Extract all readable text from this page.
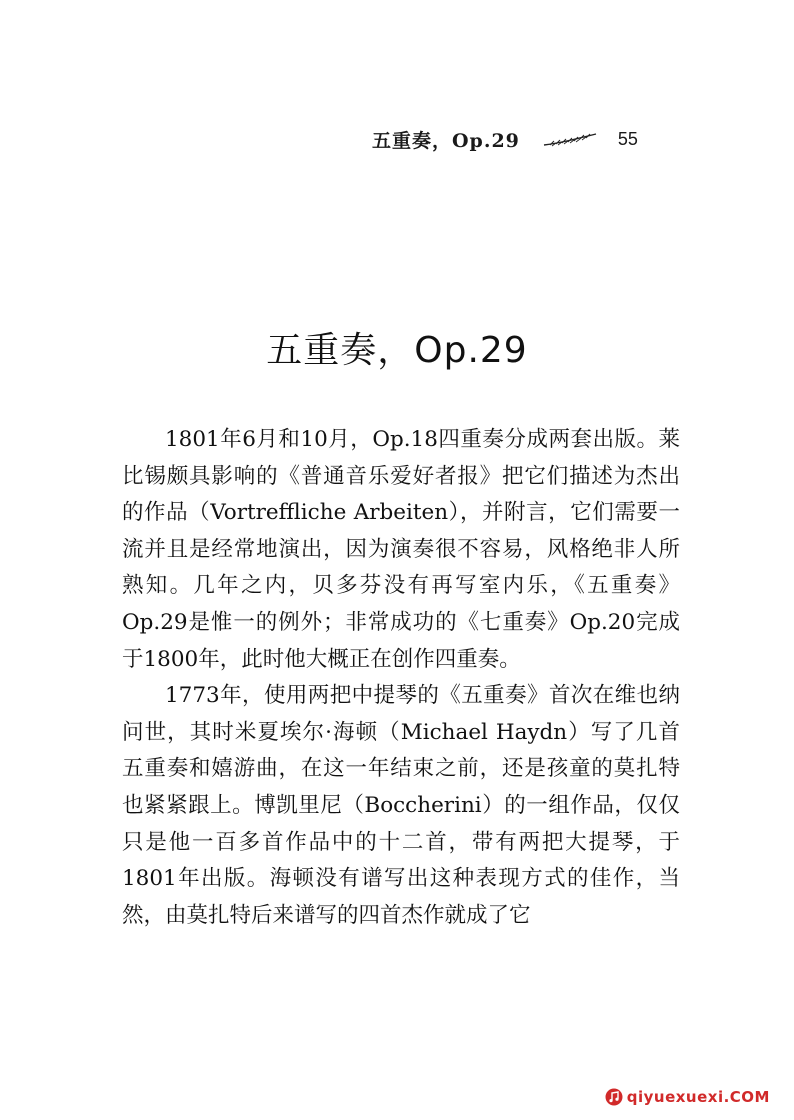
五重奏，Op.29	55
五重奏，Op.29

1801年6月和10月，Op.18四重奏分成两套出版。莱比锡颇具影响的《普通音乐爱好者报》把它们描述为杰出的作品（Vortreffliche Arbeiten），并附言，它们需要一流并且是经常地演出，因为演奏很不容易，风格绝非人所熟知。几年之内，贝多芬没有再写室内乐，《五重奏》Op.29是惟一的例外；非常成功的《七重奏》Op.20完成于1800年，此时他大概正在创作四重奏。

1773年，使用两把中提琴的《五重奏》首次在维也纳问世，其时米夏埃尔·海顿（Michael Haydn）写了几首五重奏和嬉游曲，在这一年结束之前，还是孩童的莫扎特也紧紧跟上。博凯里尼（Boccherini）的一组作品，仅仅只是他一百多首作品中的十二首，带有两把大提琴，于1801年出版。海顿没有谱写出这种表现方式的佳作，当然，由莫扎特后来谱写的四首杰作就成了它

qiyuexuexi.COM
